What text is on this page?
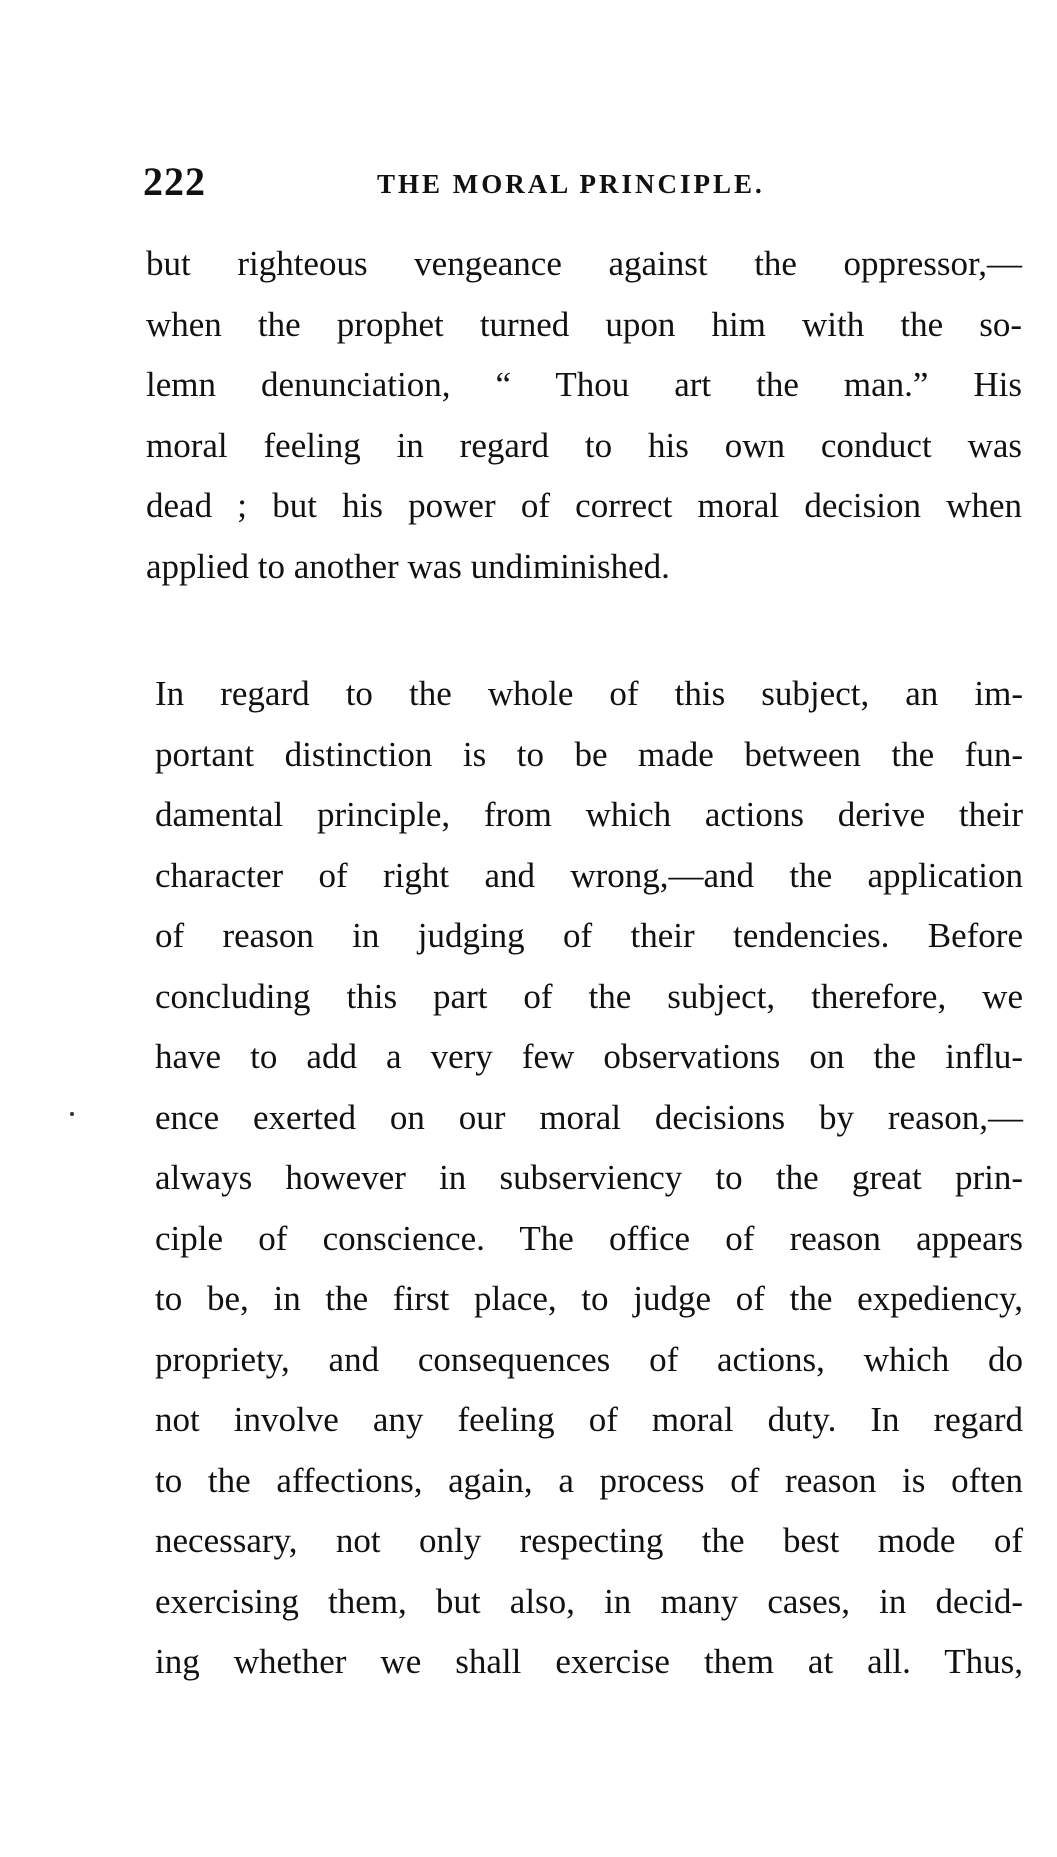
222	THE MORAL PRINCIPLE.

but righteous vengeance against the oppressor,—
when the prophet turned upon him with the so-
lemn denunciation, “ Thou art the man.” His
moral feeling in regard to his own conduct was
dead ; but his power of correct moral decision when
applied to another was undiminished.

In regard to the whole of this subject, an im-
portant distinction is to be made between the fun-
damental principle, from which actions derive their
character of right and wrong,—and the application
of reason in judging of their tendencies. Before
concluding this part of the subject, therefore, we
have to add a very few observations on the influ-
ence exerted on our moral decisions by reason,—
always however in subserviency to the great prin-
ciple of conscience. The office of reason appears
to be, in the first place, to judge of the expediency,
propriety, and consequences of actions, which do
not involve any feeling of moral duty. In regard
to the affections, again, a process of reason is often
necessary, not only respecting the best mode of
exercising them, but also, in many cases, in decid-
ing whether we shall exercise them at all. Thus,
